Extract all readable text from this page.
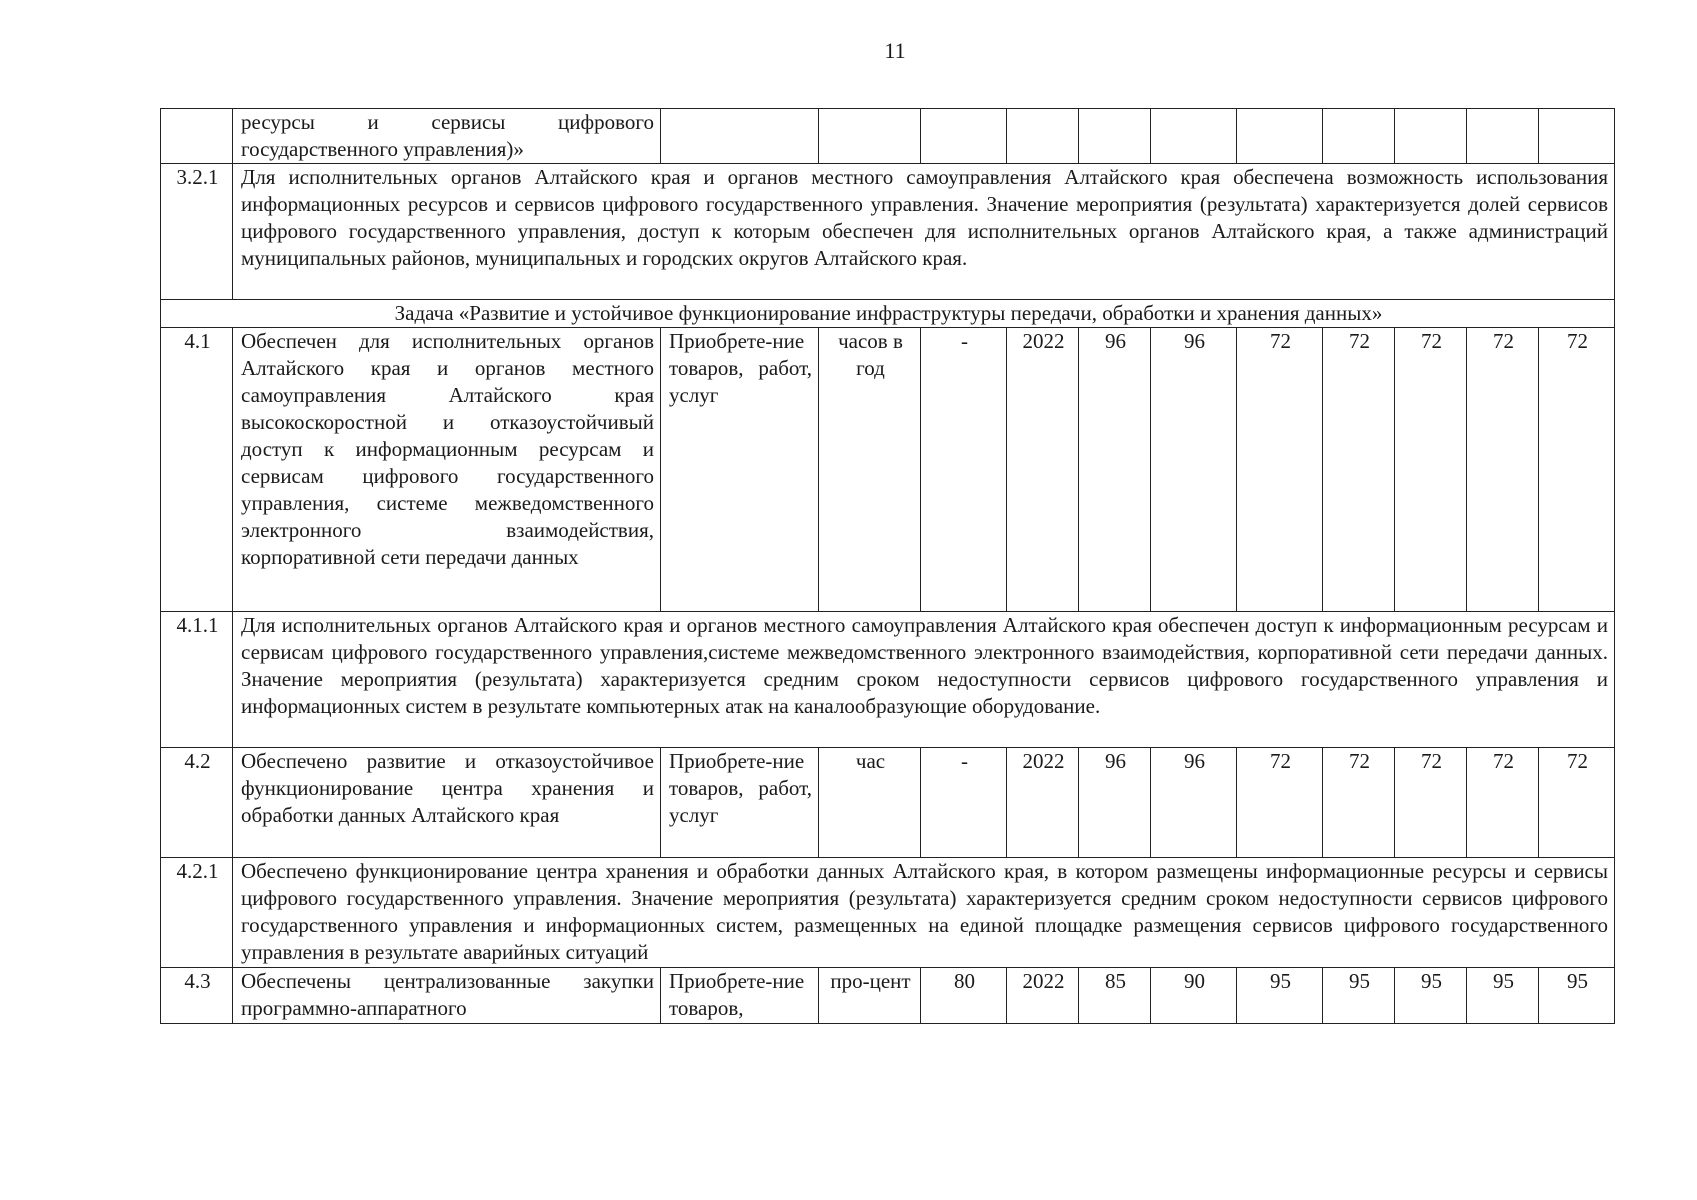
11
	ресурсы и сервисы цифрового государственного управления)»											
3.2.1	Для исполнительных органов Алтайского края и органов местного самоуправления Алтайского края обеспечена возможность использования информационных ресурсов и сервисов цифрового государственного управления. Значение мероприятия (результата) характеризуется долей сервисов цифрового государственного управления, доступ к которым обеспечен для исполнительных органов Алтайского края, а также администраций муниципальных районов, муниципальных и городских округов Алтайского края.											
Задача «Развитие и устойчивое функционирование инфраструктуры передачи, обработки и хранения данных»												
4.1	Обеспечен для исполнительных органов Алтайского края и органов местного самоуправления Алтайского края высокоскоростной и отказоустойчивый доступ к информационным ресурсам и сервисам цифрового государственного управления, системе межведомственного электронного взаимодействия, корпоративной сети передачи данных	Приобрете-ние товаров, работ, услуг	часов в год	-	2022	96	96	72	72	72	72	72
4.1.1	Для исполнительных органов Алтайского края и органов местного самоуправления Алтайского края обеспечен доступ к информационным ресурсам и сервисам цифрового государственного управления,системе межведомственного электронного взаимодействия, корпоративной сети передачи данных. Значение мероприятия (результата) характеризуется средним сроком недоступности сервисов цифрового государственного управления и информационных систем в результате компьютерных атак на каналообразующие оборудование.											
4.2	Обеспечено развитие и отказоустойчивое функционирование центра хранения и обработки данных Алтайского края	Приобрете-ние товаров, работ, услуг	час	-	2022	96	96	72	72	72	72	72
4.2.1	Обеспечено функционирование центра хранения и обработки данных Алтайского края, в котором размещены информационные ресурсы и сервисы цифрового государственного управления. Значение мероприятия (результата) характеризуется средним сроком недоступности сервисов цифрового государственного управления и информационных систем, размещенных на единой площадке размещения сервисов цифрового государственного управления в результате аварийных ситуаций											
4.3	Обеспечены централизованные закупки программно-аппаратного	Приобрете-ние товаров,	про-цент	80	2022	85	90	95	95	95	95	95
